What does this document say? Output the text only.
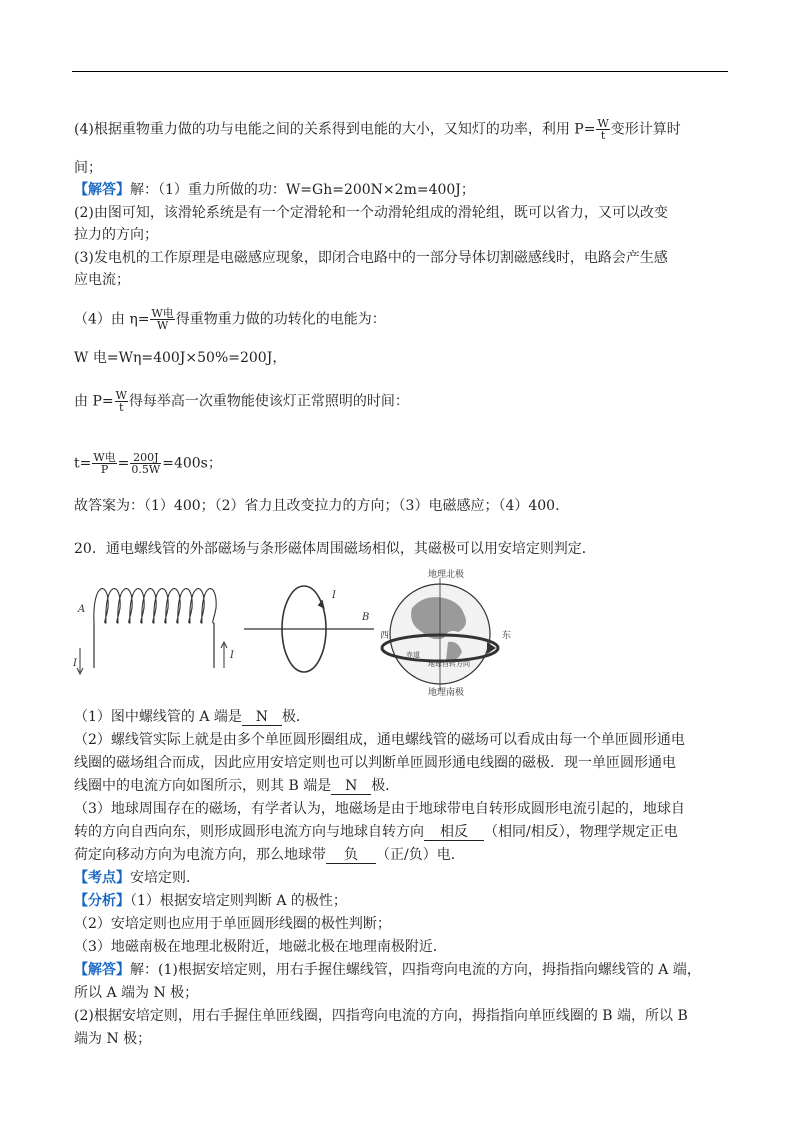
(4)根据重物重力做的功与电能之间的关系得到电能的大小，又知灯的功率，利用 $P= \frac{W}{t}$ 变形计算时
间；
【解答】解：（1）重力所做的功：W=Gh=200N×2m=400J；
(2)由图可知，该滑轮系统是有一个定滑轮和一个动滑轮组成的滑轮组，既可以省力，又可以改变
拉力的方向；
(3)发电机的工作原理是电磁感应现象，即闭合电路中的一部分导体切割磁感线时，电路会产生感
应电流；
（4）由 $\eta= \frac{\text{W电}}{W}$ 得重物重力做的功转化的电能为：
W 电=Wη=400J×50%=200J，
由 $P= \frac{W}{t}$ 得每举高一次重物能使该灯正常照明的时间：
$t= \frac{\text{W电}}{P} = \frac{200J}{0.5W} =400s$；
故答案为：（1）400；（2）省力且改变拉力的方向；（3）电磁感应；（4）400.
20．通电螺线管的外部磁场与条形磁体周围磁场相似，其磁极可以用安培定则判定．
A
I
I
I
B
地理北极
地理南极
西	东
赤道
地球自转方向
（1）图中螺线管的 A 端是 N 极．
（2）螺线管实际上就是由多个单匝圆形圈组成，通电螺线管的磁场可以看成由每一个单匝圆形通电
线圈的磁场组合而成，因此应用安培定则也可以判断单匝圆形通电线圈的磁极．现一单匝圆形通电
线圈中的电流方向如图所示，则其 B 端是 N 极．
（3）地球周围存在的磁场，有学者认为，地磁场是由于地球带电自转形成圆形电流引起的，地球自
转的方向自西向东，则形成圆形电流方向与地球自转方向 相反 （相同/相反），物理学规定正电
荷定向移动方向为电流方向，那么地球带 负 （正/负）电．
【考点】安培定则．
【分析】（1）根据安培定则判断 A 的极性；
（2）安培定则也应用于单匝圆形线圈的极性判断；
（3）地磁南极在地理北极附近，地磁北极在地理南极附近．
【解答】解：(1)根据安培定则，用右手握住螺线管，四指弯向电流的方向，拇指指向螺线管的 A 端，
所以 A 端为 N 极；
(2)根据安培定则，用右手握住单匝线圈，四指弯向电流的方向，拇指指向单匝线圈的 B 端，所以 B
端为 N 极；
